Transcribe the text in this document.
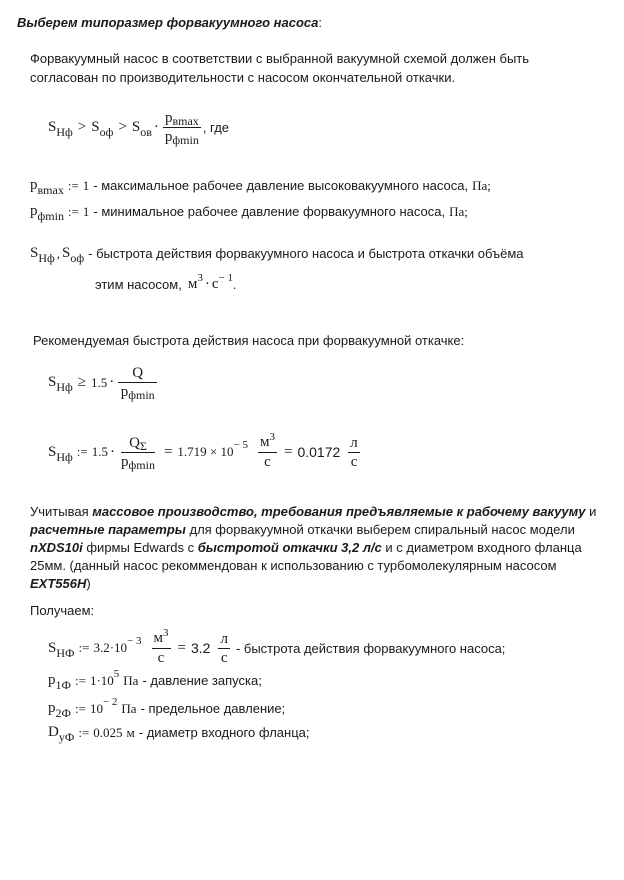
Выберем типоразмер форвакуумного насоса:
Форвакуумный насос в соответствии с выбранной вакуумной схемой должен быть
согласован по производительности с насосом окончательной откачки.
S Нф > S оф > S ов · $\frac{p_{вmax}}{p_{фmin}}$ , где
p вmax := 1 - максимальное рабочее давление высоковакуумного насоса, Па;
p фmin := 1 - минимальное рабочее давление форвакуумного насоса, Па;
S Нф , S оф - быстрота действия форвакуумного насоса и быстрота откачки объёма
этим насосом, м 3 · с − 1 .
Рекомендуемая быстрота действия насоса при форвакуумной откачке:
S Нф ≥ $1.5 \cdot \frac{Q}{p_{фmin}}$
S Нф := $1.5 \cdot \frac{Q_\Sigma}{p_{фmin}} = 1.719 \times 10 - 5 \frac{м^3}{с} = 0.0172 \frac{л}{с}$
Учитывая массовое производство, требования предъявляемые к рабочему вакууму и расчетные параметры для форвакуумной откачки выберем спиральный насос модели nXDS10i фирмы Edwards с быстротой откачки 3,2 л/с и с диаметром входного фланца 25мм. (данный насос рекоммендован к использованию с турбомолекулярным насосом EXT556H)
Получаем:
S НФ := $3.2\cdot 10 - 3 \frac{м^3}{с} = 3.2 \frac{л}{с}$ - быстрота действия форвакуумного насоса;
p 1Ф := 1·10 5 Па - давление запуска;
p 2Ф := 10 − 2 Па - предельное давление;
D уФ := 0.025 м - диаметр входного фланца;
